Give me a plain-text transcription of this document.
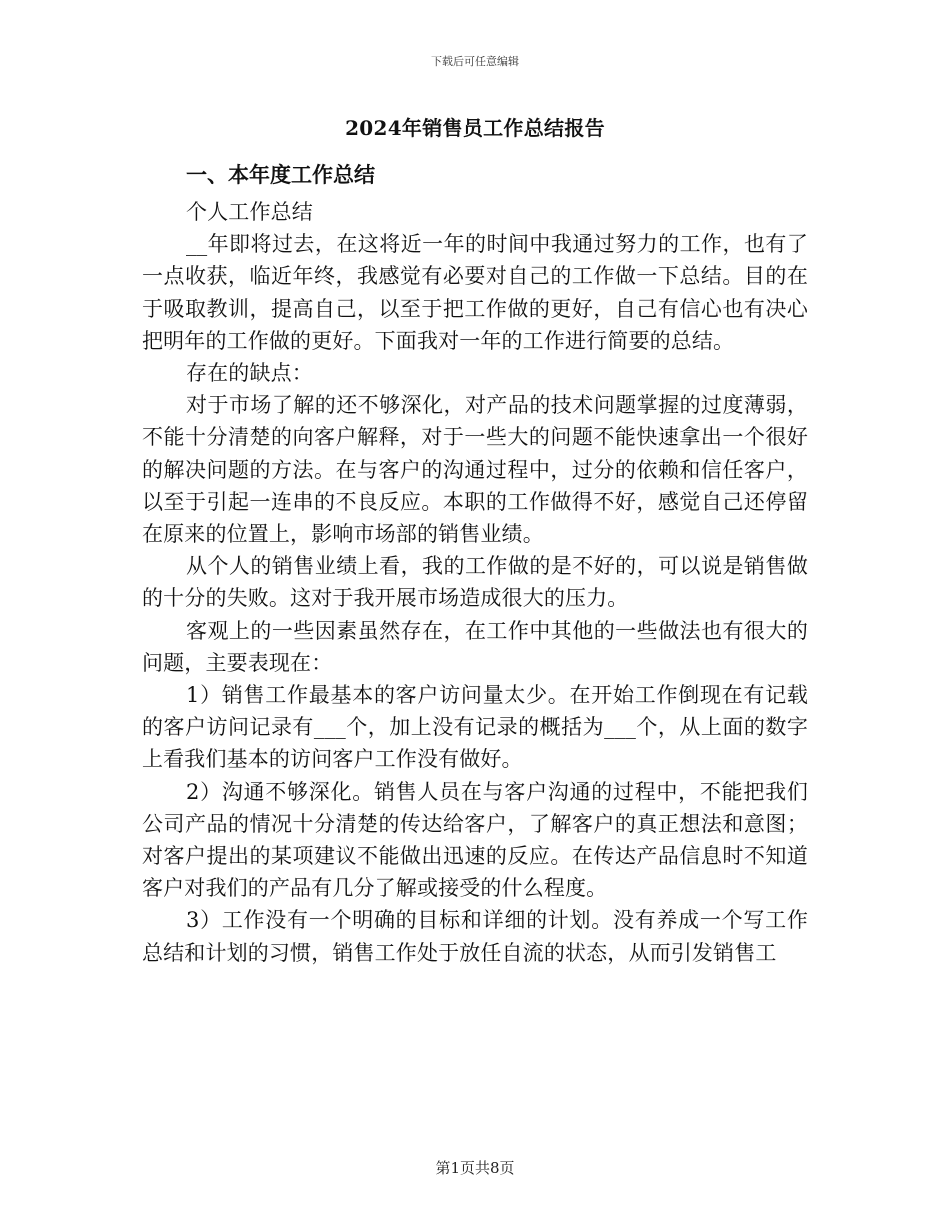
下载后可任意编辑
2024年销售员工作总结报告
一、本年度工作总结

个人工作总结

__年即将过去，在这将近一年的时间中我通过努力的工作，也有了一点收获，临近年终，我感觉有必要对自己的工作做一下总结。目的在于吸取教训，提高自己，以至于把工作做的更好，自己有信心也有决心把明年的工作做的更好。下面我对一年的工作进行简要的总结。

存在的缺点：

对于市场了解的还不够深化，对产品的技术问题掌握的过度薄弱，不能十分清楚的向客户解释，对于一些大的问题不能快速拿出一个很好的解决问题的方法。在与客户的沟通过程中，过分的依赖和信任客户，以至于引起一连串的不良反应。本职的工作做得不好，感觉自己还停留在原来的位置上，影响市场部的销售业绩。

从个人的销售业绩上看，我的工作做的是不好的，可以说是销售做的十分的失败。这对于我开展市场造成很大的压力。

客观上的一些因素虽然存在，在工作中其他的一些做法也有很大的问题，主要表现在：

1）销售工作最基本的客户访问量太少。在开始工作倒现在有记载的客户访问记录有___个，加上没有记录的概括为___个，从上面的数字上看我们基本的访问客户工作没有做好。

2）沟通不够深化。销售人员在与客户沟通的过程中，不能把我们公司产品的情况十分清楚的传达给客户，了解客户的真正想法和意图；对客户提出的某项建议不能做出迅速的反应。在传达产品信息时不知道客户对我们的产品有几分了解或接受的什么程度。

3）工作没有一个明确的目标和详细的计划。没有养成一个写工作总结和计划的习惯，销售工作处于放任自流的状态，从而引发销售工

第1页共8页
